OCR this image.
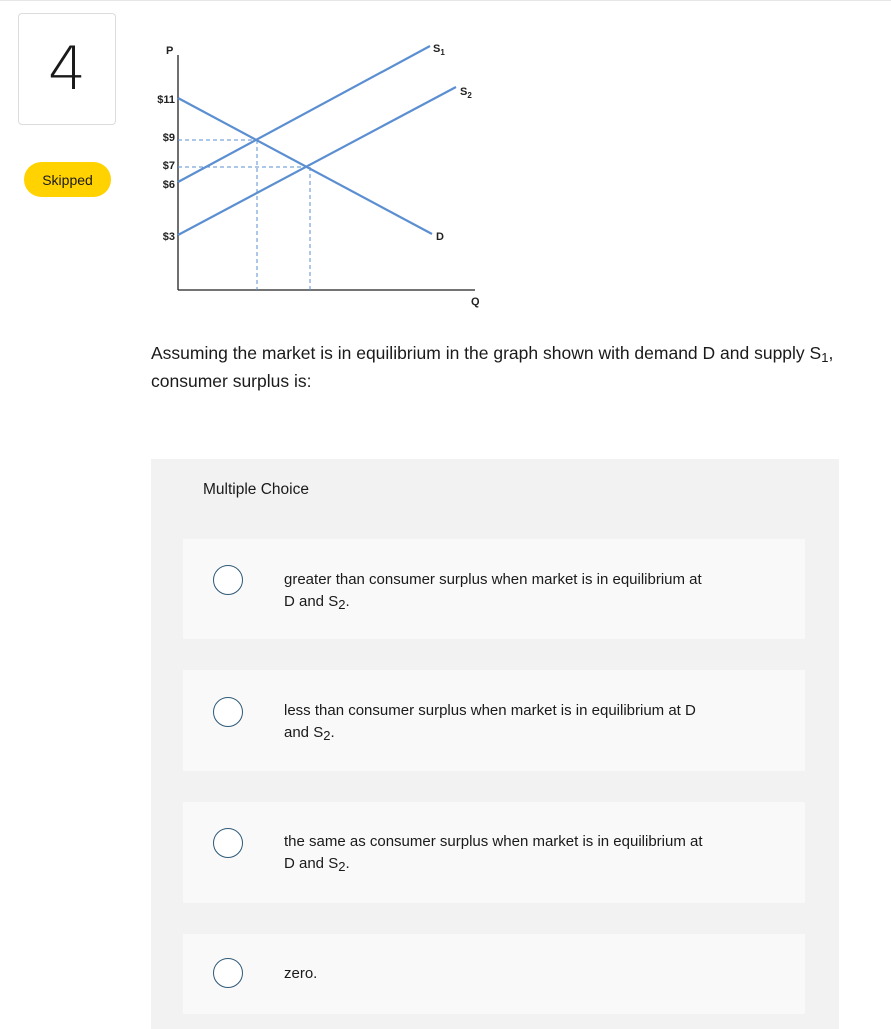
4
Skipped
P
Q
$11
$9
$7
$6
$3
$S_1$
$S_2$
D
Assuming the market is in equilibrium in the graph shown with demand D and supply S1, consumer surplus is:
Multiple Choice
greater than consumer surplus when market is in equilibrium at D and S2.
less than consumer surplus when market is in equilibrium at D and S2.
the same as consumer surplus when market is in equilibrium at D and S2.
zero.
